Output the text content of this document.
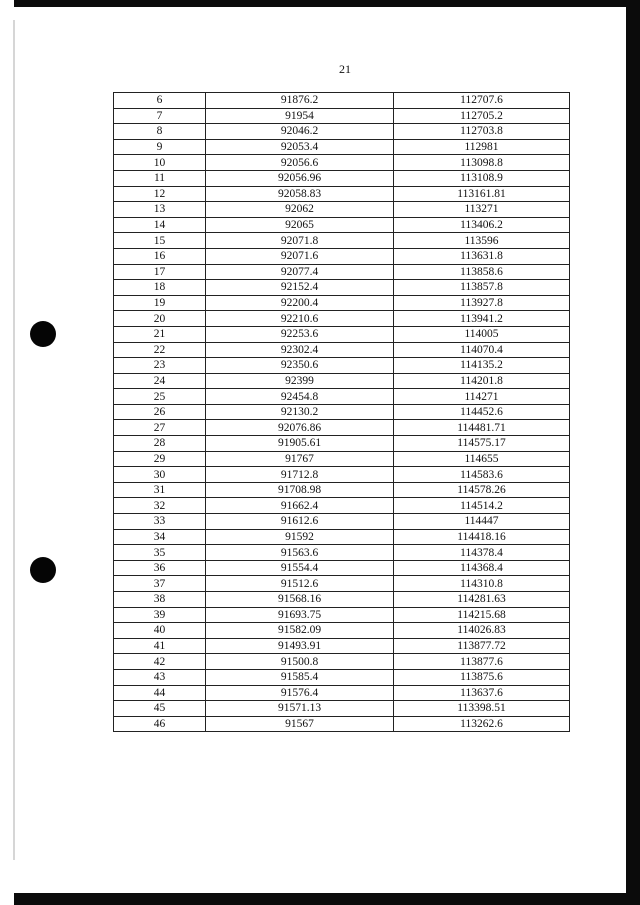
21
6	91876.2	112707.6
7	91954	112705.2
8	92046.2	112703.8
9	92053.4	112981
10	92056.6	113098.8
11	92056.96	113108.9
12	92058.83	113161.81
13	92062	113271
14	92065	113406.2
15	92071.8	113596
16	92071.6	113631.8
17	92077.4	113858.6
18	92152.4	113857.8
19	92200.4	113927.8
20	92210.6	113941.2
21	92253.6	114005
22	92302.4	114070.4
23	92350.6	114135.2
24	92399	114201.8
25	92454.8	114271
26	92130.2	114452.6
27	92076.86	114481.71
28	91905.61	114575.17
29	91767	114655
30	91712.8	114583.6
31	91708.98	114578.26
32	91662.4	114514.2
33	91612.6	114447
34	91592	114418.16
35	91563.6	114378.4
36	91554.4	114368.4
37	91512.6	114310.8
38	91568.16	114281.63
39	91693.75	114215.68
40	91582.09	114026.83
41	91493.91	113877.72
42	91500.8	113877.6
43	91585.4	113875.6
44	91576.4	113637.6
45	91571.13	113398.51
46	91567	113262.6
